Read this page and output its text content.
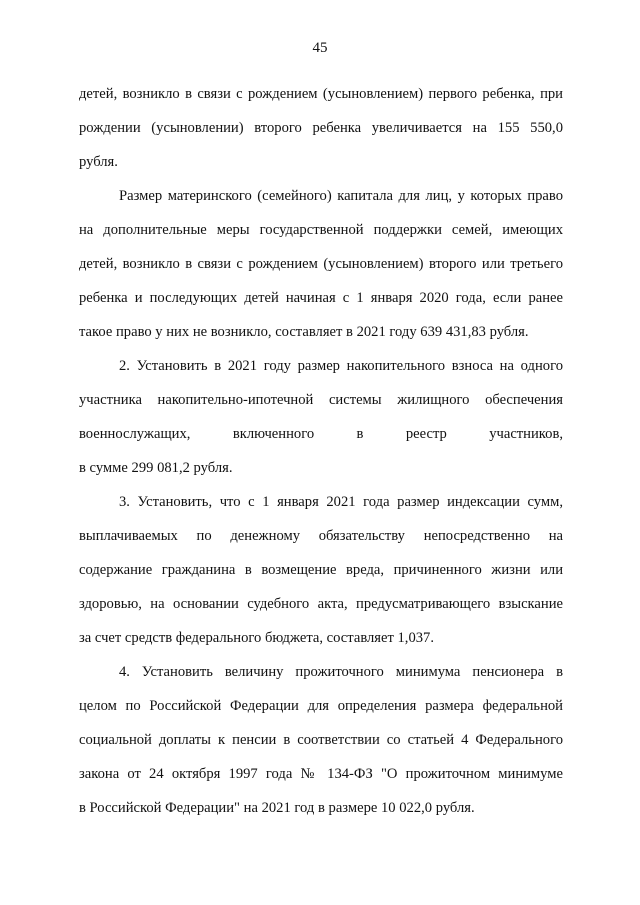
45
детей, возникло в связи с рождением (усыновлением) первого ребенка, при
рождении (усыновлении) второго ребенка увеличивается на 155 550,0
рубля.
Размер материнского (семейного) капитала для лиц, у которых право
на дополнительные меры государственной поддержки семей, имеющих
детей, возникло в связи с рождением (усыновлением) второго или третьего
ребенка и последующих детей начиная с 1 января 2020 года, если ранее
такое право у них не возникло, составляет в 2021 году 639 431,83 рубля.
2. Установить в 2021 году размер накопительного взноса на одного
участника накопительно-ипотечной системы жилищного обеспечения
военнослужащих, включенного в реестр участников,
в сумме 299 081,2 рубля.
3. Установить, что с 1 января 2021 года размер индексации сумм,
выплачиваемых по денежному обязательству непосредственно на
содержание гражданина в возмещение вреда, причиненного жизни или
здоровью, на основании судебного акта, предусматривающего взыскание
за счет средств федерального бюджета, составляет 1,037.
4. Установить величину прожиточного минимума пенсионера в
целом по Российской Федерации для определения размера федеральной
социальной доплаты к пенсии в соответствии со статьей 4 Федерального
закона от 24 октября 1997 года № 134-ФЗ "О прожиточном минимуме
в Российской Федерации" на 2021 год в размере 10 022,0 рубля.
